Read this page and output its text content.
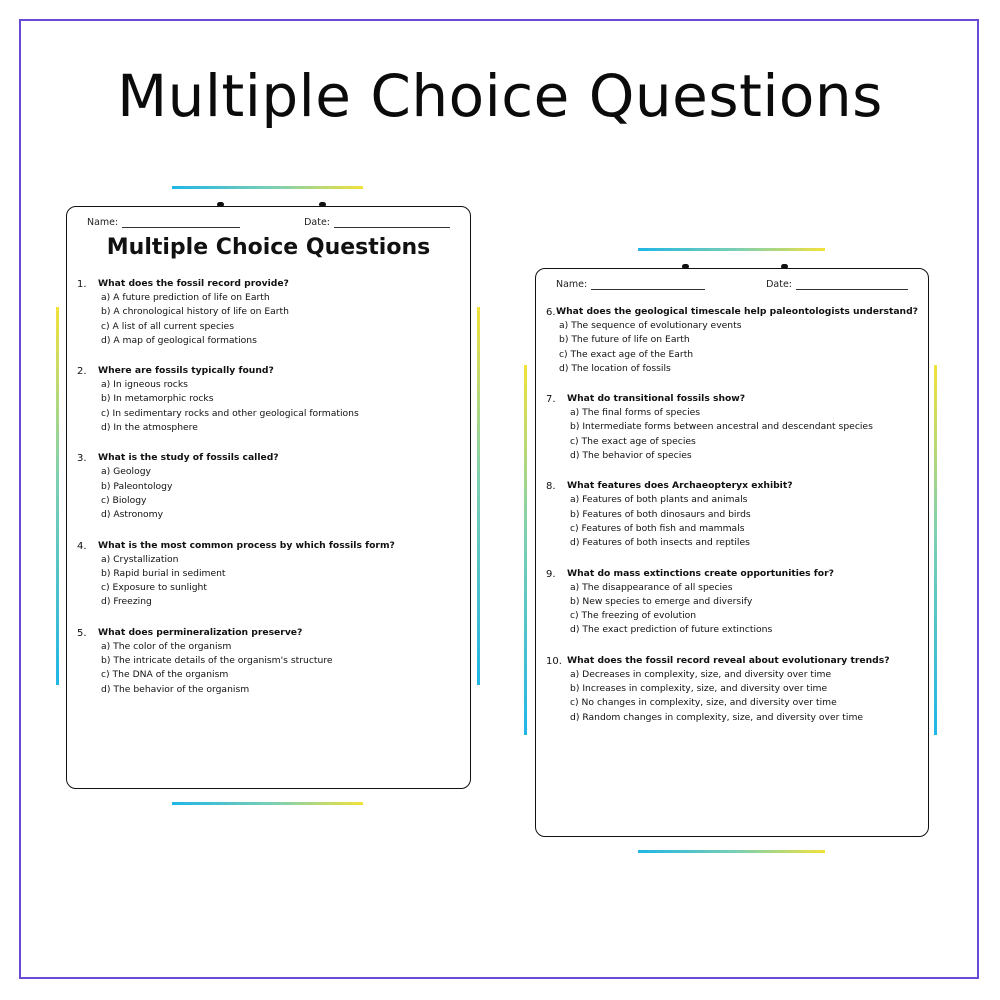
Multiple Choice Questions
Name:	Date:
Multiple Choice Questions
1.	What does the fossil record provide?
a) A future prediction of life on Earth
b) A chronological history of life on Earth
c) A list of all current species
d) A map of geological formations
2.	Where are fossils typically found?
a) In igneous rocks
b) In metamorphic rocks
c) In sedimentary rocks and other geological formations
d) In the atmosphere
3.	What is the study of fossils called?
a) Geology
b) Paleontology
c) Biology
d) Astronomy
4.	What is the most common process by which fossils form?
a) Crystallization
b) Rapid burial in sediment
c) Exposure to sunlight
d) Freezing
5.	What does permineralization preserve?
a) The color of the organism
b) The intricate details of the organism's structure
c) The DNA of the organism
d) The behavior of the organism
Name:	Date:
6. What does the geological timescale help paleontologists understand?
a) The sequence of evolutionary events
b) The future of life on Earth
c) The exact age of the Earth
d) The location of fossils
7.	What do transitional fossils show?
a) The final forms of species
b) Intermediate forms between ancestral and descendant species
c) The exact age of species
d) The behavior of species
8.	What features does Archaeopteryx exhibit?
a) Features of both plants and animals
b) Features of both dinosaurs and birds
c) Features of both fish and mammals
d) Features of both insects and reptiles
9.	What do mass extinctions create opportunities for?
a) The disappearance of all species
b) New species to emerge and diversify
c) The freezing of evolution
d) The exact prediction of future extinctions
10. What does the fossil record reveal about evolutionary trends?
a) Decreases in complexity, size, and diversity over time
b) Increases in complexity, size, and diversity over time
c) No changes in complexity, size, and diversity over time
d) Random changes in complexity, size, and diversity over time
